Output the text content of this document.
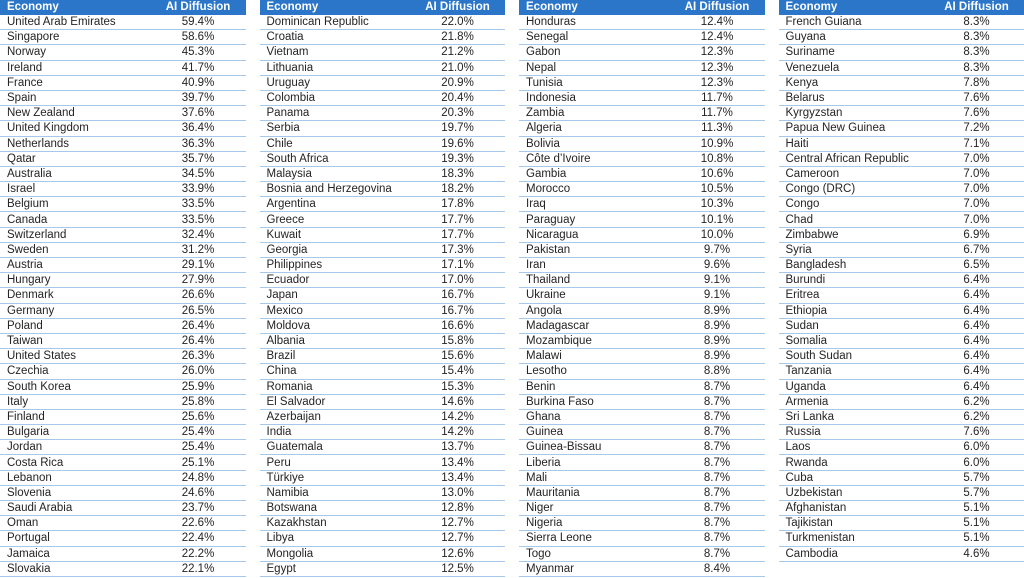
Economy	AI Diffusion
United Arab Emirates	59.4%
Singapore	58.6%
Norway	45.3%
Ireland	41.7%
France	40.9%
Spain	39.7%
New Zealand	37.6%
United Kingdom	36.4%
Netherlands	36.3%
Qatar	35.7%
Australia	34.5%
Israel	33.9%
Belgium	33.5%
Canada	33.5%
Switzerland	32.4%
Sweden	31.2%
Austria	29.1%
Hungary	27.9%
Denmark	26.6%
Germany	26.5%
Poland	26.4%
Taiwan	26.4%
United States	26.3%
Czechia	26.0%
South Korea	25.9%
Italy	25.8%
Finland	25.6%
Bulgaria	25.4%
Jordan	25.4%
Costa Rica	25.1%
Lebanon	24.8%
Slovenia	24.6%
Saudi Arabia	23.7%
Oman	22.6%
Portugal	22.4%
Jamaica	22.2%
Slovakia	22.1%
Economy	AI Diffusion
Dominican Republic	22.0%
Croatia	21.8%
Vietnam	21.2%
Lithuania	21.0%
Uruguay	20.9%
Colombia	20.4%
Panama	20.3%
Serbia	19.7%
Chile	19.6%
South Africa	19.3%
Malaysia	18.3%
Bosnia and Herzegovina	18.2%
Argentina	17.8%
Greece	17.7%
Kuwait	17.7%
Georgia	17.3%
Philippines	17.1%
Ecuador	17.0%
Japan	16.7%
Mexico	16.7%
Moldova	16.6%
Albania	15.8%
Brazil	15.6%
China	15.4%
Romania	15.3%
El Salvador	14.6%
Azerbaijan	14.2%
India	14.2%
Guatemala	13.7%
Peru	13.4%
Türkiye	13.4%
Namibia	13.0%
Botswana	12.8%
Kazakhstan	12.7%
Libya	12.7%
Mongolia	12.6%
Egypt	12.5%
Economy	AI Diffusion
Honduras	12.4%
Senegal	12.4%
Gabon	12.3%
Nepal	12.3%
Tunisia	12.3%
Indonesia	11.7%
Zambia	11.7%
Algeria	11.3%
Bolivia	10.9%
Côte d’Ivoire	10.8%
Gambia	10.6%
Morocco	10.5%
Iraq	10.3%
Paraguay	10.1%
Nicaragua	10.0%
Pakistan	9.7%
Iran	9.6%
Thailand	9.1%
Ukraine	9.1%
Angola	8.9%
Madagascar	8.9%
Mozambique	8.9%
Malawi	8.9%
Lesotho	8.8%
Benin	8.7%
Burkina Faso	8.7%
Ghana	8.7%
Guinea	8.7%
Guinea-Bissau	8.7%
Liberia	8.7%
Mali	8.7%
Mauritania	8.7%
Niger	8.7%
Nigeria	8.7%
Sierra Leone	8.7%
Togo	8.7%
Myanmar	8.4%
Economy	AI Diffusion
French Guiana	8.3%
Guyana	8.3%
Suriname	8.3%
Venezuela	8.3%
Kenya	7.8%
Belarus	7.6%
Kyrgyzstan	7.6%
Papua New Guinea	7.2%
Haiti	7.1%
Central African Republic	7.0%
Cameroon	7.0%
Congo (DRC)	7.0%
Congo	7.0%
Chad	7.0%
Zimbabwe	6.9%
Syria	6.7%
Bangladesh	6.5%
Burundi	6.4%
Eritrea	6.4%
Ethiopia	6.4%
Sudan	6.4%
Somalia	6.4%
South Sudan	6.4%
Tanzania	6.4%
Uganda	6.4%
Armenia	6.2%
Sri Lanka	6.2%
Russia	7.6%
Laos	6.0%
Rwanda	6.0%
Cuba	5.7%
Uzbekistan	5.7%
Afghanistan	5.1%
Tajikistan	5.1%
Turkmenistan	5.1%
Cambodia	4.6%
